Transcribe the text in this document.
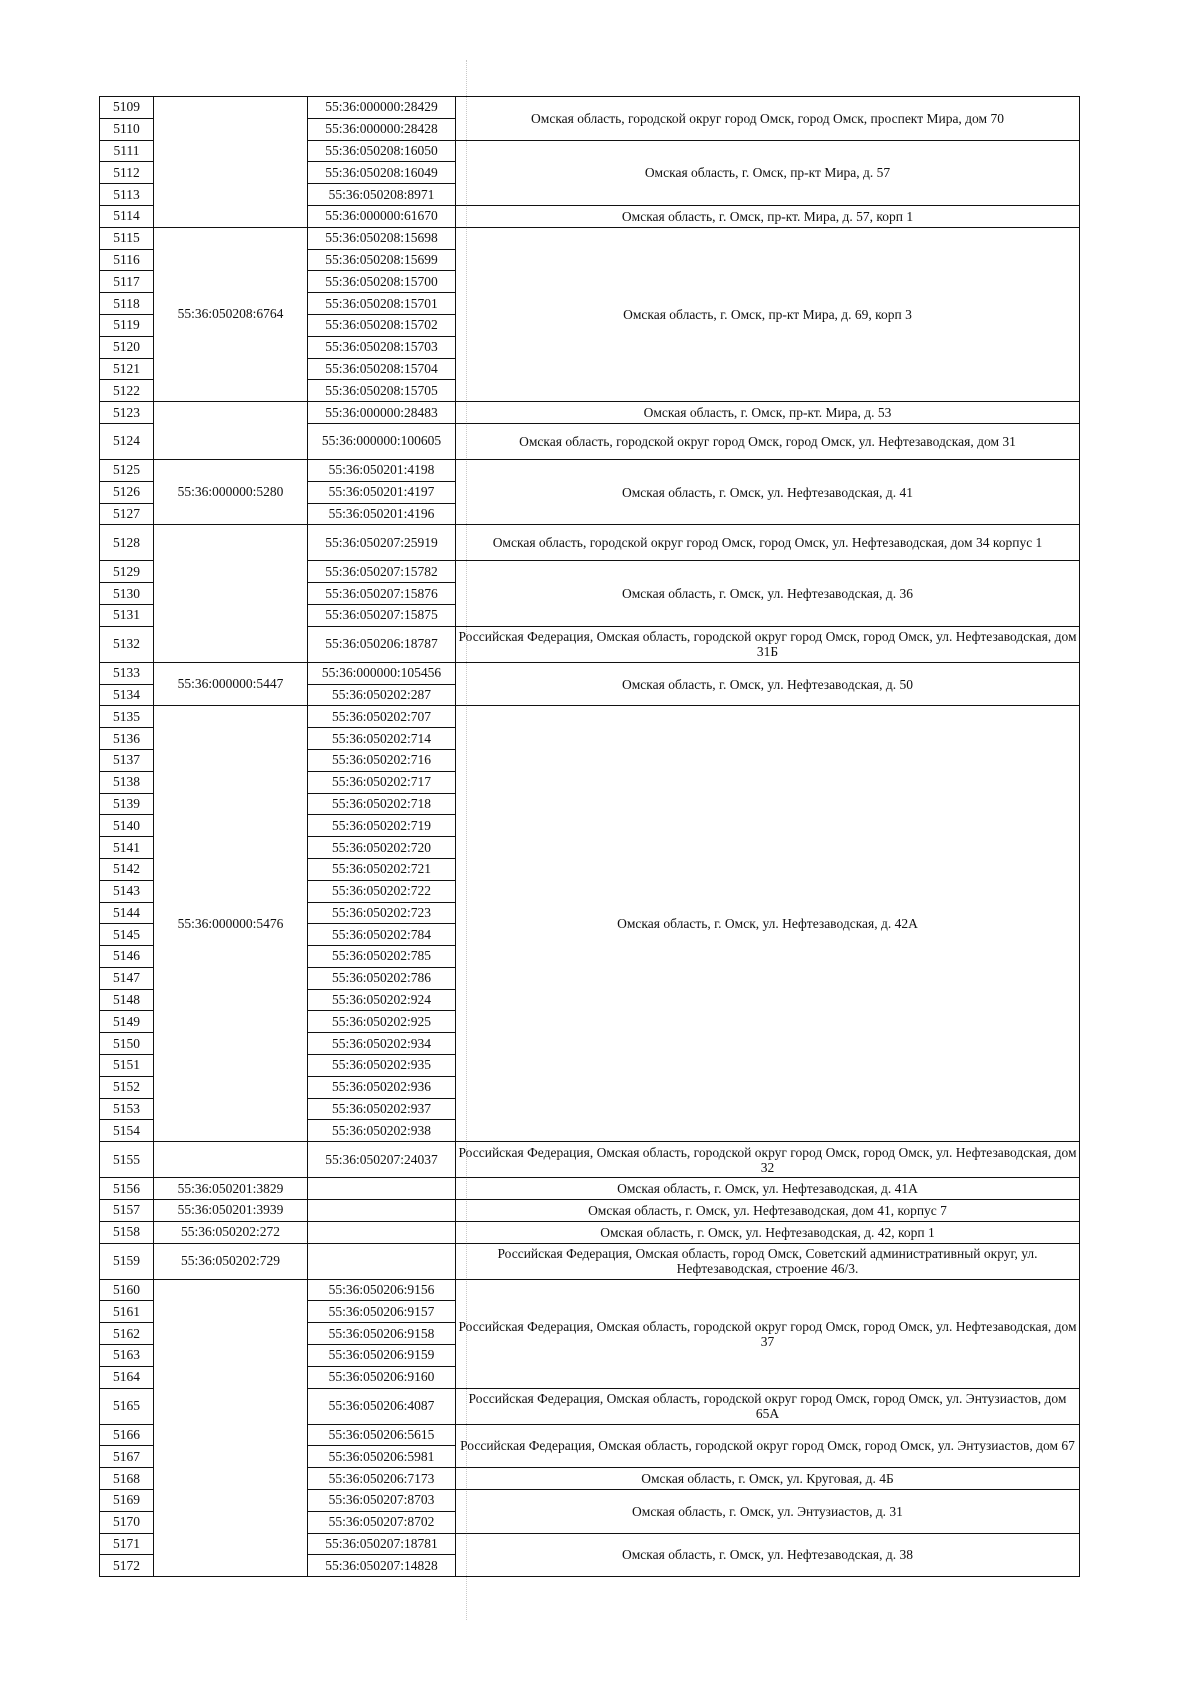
5109		55:36:000000:28429	Омская область, городской округ город Омск, город Омск, проспект Мира, дом 70
5110		55:36:000000:28428	
5111		55:36:050208:16050	Омская область, г. Омск, пр-кт Мира, д. 57
5112		55:36:050208:16049	
5113		55:36:050208:8971	
5114		55:36:000000:61670	Омская область, г. Омск, пр-кт. Мира, д. 57, корп 1
5115	55:36:050208:6764	55:36:050208:15698	Омская область, г. Омск, пр-кт Мира, д. 69, корп 3
5116		55:36:050208:15699	
5117		55:36:050208:15700	
5118		55:36:050208:15701	
5119		55:36:050208:15702	
5120		55:36:050208:15703	
5121		55:36:050208:15704	
5122		55:36:050208:15705	
5123		55:36:000000:28483	Омская область, г. Омск, пр-кт. Мира, д. 53
5124		55:36:000000:100605	Омская область, городской округ город Омск, город Омск, ул. Нефтезаводская, дом 31
5125	55:36:000000:5280	55:36:050201:4198	Омская область, г. Омск, ул. Нефтезаводская, д. 41
5126		55:36:050201:4197	
5127		55:36:050201:4196	
5128		55:36:050207:25919	Омская область, городской округ город Омск, город Омск, ул. Нефтезаводская, дом 34 корпус 1
5129		55:36:050207:15782	Омская область, г. Омск, ул. Нефтезаводская, д. 36
5130		55:36:050207:15876	
5131		55:36:050207:15875	
5132		55:36:050206:18787	Российская Федерация, Омская область, городской округ город Омск, город Омск, ул. Нефтезаводская, дом 31Б
5133	55:36:000000:5447	55:36:000000:105456	Омская область, г. Омск, ул. Нефтезаводская, д. 50
5134		55:36:050202:287	
5135	55:36:000000:5476	55:36:050202:707	Омская область, г. Омск, ул. Нефтезаводская, д. 42А
5136		55:36:050202:714	
5137		55:36:050202:716	
5138		55:36:050202:717	
5139		55:36:050202:718	
5140		55:36:050202:719	
5141		55:36:050202:720	
5142		55:36:050202:721	
5143		55:36:050202:722	
5144		55:36:050202:723	
5145		55:36:050202:784	
5146		55:36:050202:785	
5147		55:36:050202:786	
5148		55:36:050202:924	
5149		55:36:050202:925	
5150		55:36:050202:934	
5151		55:36:050202:935	
5152		55:36:050202:936	
5153		55:36:050202:937	
5154		55:36:050202:938	
5155		55:36:050207:24037	Российская Федерация, Омская область, городской округ город Омск, город Омск, ул. Нефтезаводская, дом 32
5156	55:36:050201:3829		Омская область, г. Омск, ул. Нефтезаводская, д. 41А
5157	55:36:050201:3939		Омская область, г. Омск, ул. Нефтезаводская, дом 41, корпус 7
5158	55:36:050202:272		Омская область, г. Омск, ул. Нефтезаводская, д. 42, корп 1
5159	55:36:050202:729		Российская Федерация, Омская область, город Омск, Советский административный округ, ул. Нефтезаводская, строение 46/3.
5160		55:36:050206:9156	Российская Федерация, Омская область, городской округ город Омск, город Омск, ул. Нефтезаводская, дом 37
5161		55:36:050206:9157	
5162		55:36:050206:9158	
5163		55:36:050206:9159	
5164		55:36:050206:9160	
5165		55:36:050206:4087	Российская Федерация, Омская область, городской округ город Омск, город Омск, ул. Энтузиастов, дом 65А
5166		55:36:050206:5615	Российская Федерация, Омская область, городской округ город Омск, город Омск, ул. Энтузиастов, дом 67
5167		55:36:050206:5981	
5168		55:36:050206:7173	Омская область, г. Омск, ул. Круговая, д. 4Б
5169		55:36:050207:8703	Омская область, г. Омск, ул. Энтузиастов, д. 31
5170		55:36:050207:8702	
5171		55:36:050207:18781	Омская область, г. Омск, ул. Нефтезаводская, д. 38
5172		55:36:050207:14828	
